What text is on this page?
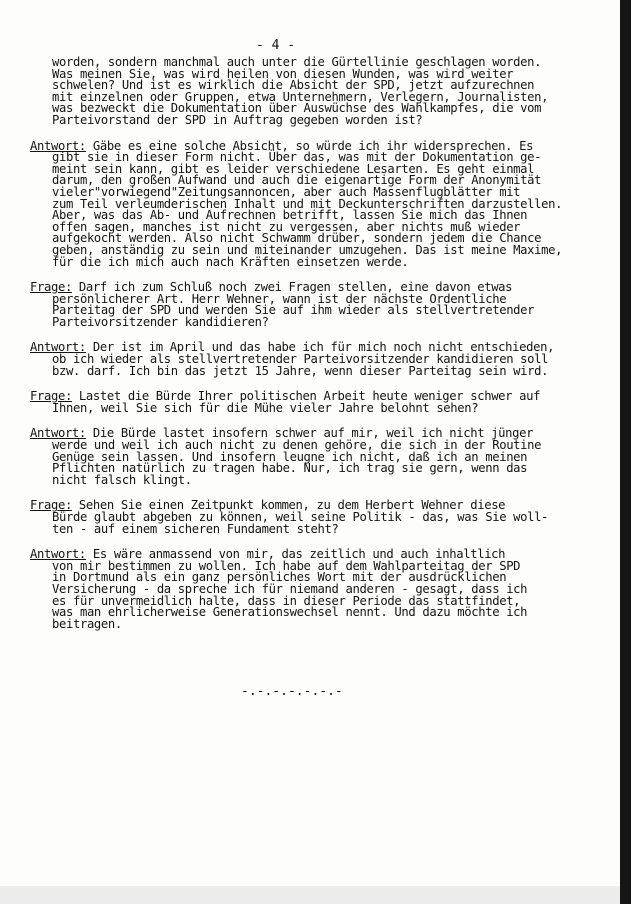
- 4 -

worden, sondern manchmal auch unter die Gürtellinie geschlagen worden.

Was meinen Sie, was wird heilen von diesen Wunden, was wird weiter

schwelen? Und ist es wirklich die Absicht der SPD, jetzt aufzurechnen

mit einzelnen oder Gruppen, etwa Unternehmern, Verlegern, Journalisten,

was bezweckt die Dokumentation über Auswüchse des Wahlkampfes, die vom

Parteivorstand der SPD in Auftrag gegeben worden ist?

Antwort: Gäbe es eine solche Absicht, so würde ich ihr widersprechen. Es

gibt sie in dieser Form nicht. Über das, was mit der Dokumentation ge-

meint sein kann, gibt es leider verschiedene Lesarten. Es geht einmal

darum, den großen Aufwand und auch die eigenartige Form der Anonymität

vieler"vorwiegend"Zeitungsannoncen, aber auch Massenflugblätter mit

zum Teil verleumderischen Inhalt und mit Deckunterschriften darzustellen.

Aber, was das Ab- und Aufrechnen betrifft, lassen Sie mich das Ihnen

offen sagen, manches ist nicht zu vergessen, aber nichts muß wieder

aufgekocht werden. Also nicht Schwamm drüber, sondern jedem die Chance

geben, anständig zu sein und miteinander umzugehen. Das ist meine Maxime,

für die ich mich auch nach Kräften einsetzen werde.

Frage: Darf ich zum Schluß noch zwei Fragen stellen, eine davon etwas

persönlicherer Art. Herr Wehner, wann ist der nächste Ordentliche

Parteitag der SPD und werden Sie auf ihm wieder als stellvertretender

Parteivorsitzender kandidieren?

Antwort: Der ist im April und das habe ich für mich noch nicht entschieden,

ob ich wieder als stellvertretender Parteivorsitzender kandidieren soll

bzw. darf. Ich bin das jetzt 15 Jahre, wenn dieser Parteitag sein wird.

Frage: Lastet die Bürde Ihrer politischen Arbeit heute weniger schwer auf

Ihnen, weil Sie sich für die Mühe vieler Jahre belohnt sehen?

Antwort: Die Bürde lastet insofern schwer auf mir, weil ich nicht jünger

werde und weil ich auch nicht zu denen gehöre, die sich in der Routine

Genüge sein lassen. Und insofern leugne ich nicht, daß ich an meinen

Pflichten natürlich zu tragen habe. Nur, ich trag sie gern, wenn das

nicht falsch klingt.

Frage: Sehen Sie einen Zeitpunkt kommen, zu dem Herbert Wehner diese

Bürde glaubt abgeben zu können, weil seine Politik - das, was Sie woll-

ten - auf einem sicheren Fundament steht?

Antwort: Es wäre anmassend von mir, das zeitlich und auch inhaltlich

von mir bestimmen zu wollen. Ich habe auf dem Wahlparteitag der SPD

in Dortmund als ein ganz persönliches Wort mit der ausdrücklichen

Versicherung - da spreche ich für niemand anderen - gesagt, dass ich

es für unvermeidlich halte, dass in dieser Periode das stattfindet,

was man ehrlicherweise Generationswechsel nennt. Und dazu möchte ich

beitragen.

-.-.-.-.-.-.-
